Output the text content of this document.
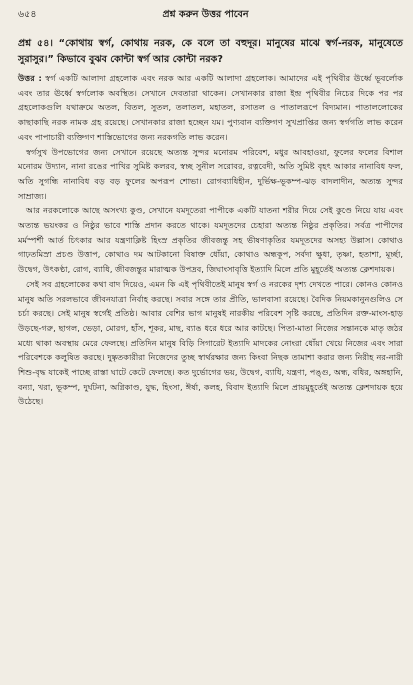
৬৫৪	প্রশ্ন করুন উত্তর পাবেন
প্রশ্ন ৫৪। “কোথায় স্বর্গ, কোথায় নরক, কে বলে তা বহুদূর। মানুষের মাঝে স্বর্গ-নরক, মানুষেতে সুরাসুর।” কিভাবে বুঝব কোন্টা স্বর্গ আর কোন্টা নরক?

উত্তর : স্বর্গ একটি আলাদা গ্রহলোক এবং নরক আর একটি আলাদা গ্রহলোক। আমাদের এই পৃথিবীর ঊর্ধ্বে ভূবর্লোক এবং তার ঊর্ধ্বে স্বর্গলোক অবস্থিত। সেখানে দেবতারা থাকেন। সেখানকার রাজা ইন্দ্র পৃথিবীর নিচের দিকে পর পর গ্রহলোকগুলি যথাক্রমে অতল, বিতল, সুতল, তলাতল, মহাতল, রসাতল ও পাতালরূপে বিদ্যমান। পাতাললোকের কাছাকাছি নরক নামক গ্রহ রয়েছে। সেখানকার রাজা হচ্ছেন যম। পুণ্যবান ব্যক্তিগণ সুখপ্রাপ্তির জন্য স্বর্গগতি লাভ করেন এবং পাপাচারী ব্যক্তিগণ শাস্তিভোগের জন্য নরকগতি লাভ করেন।

স্বর্গসুখ উপভোগের জন্য সেখানে রয়েছে অত্যন্ত সুন্দর মনোরম পরিবেশ, মধুর আবহাওয়া, ফুলের ফলের বিশাল মনোরম উদ্যান, নানা রঙের পাখির সুমিষ্ট কলরব, স্বচ্ছ সুনীল সরোবর, রত্নবেদী, অতি সুমিষ্ট বৃহৎ আকার নানাবিধ ফল, অতি সুগন্ধি নানাবিধ বড় বড় ফুলের অপরূপ শোভা। রোগব্যাধিহীন, দুর্ভিক্ষ-ভূকম্প-ঝড় বাদলাদীন, অত্যন্ত সুন্দর সাম্রাজ্য।

আর নরকলোকে আছে অসংখ্য কুণ্ড, সেখানে যমদূতেরা পাপীকে একটি যাতনা শরীর দিয়ে সেই কুণ্ডে নিয়ে যায় এবং অত্যন্ত ভয়ংকর ও নিষ্ঠুর ভাবে শাস্তি প্রদান করতে থাকে। যমদূতদের চেহারা অত্যন্ত নিষ্ঠুর প্রকৃতির। সর্বত্র পাপীদের মর্মস্পর্শী আর্ত চিৎকার আর যন্ত্রণাক্লিষ্ট হিংস্র প্রকৃতির জীবজন্তু সহ ভীষণাকৃতির যমদূতদের অসহ্য উল্লাস। কোথাও গাঢ়তমিস্রা প্রচণ্ড উত্তাপ, কোথাও দম আটকানো বিষাক্ত ধোঁয়া, কোথাও অন্ধকূপ, সর্বদা ক্ষুধা, তৃষ্ণা, হতাশা, মূর্চ্ছা, উদ্বেগ, উৎকণ্ঠা, রোগ, ব্যাধি, জীবজন্তুর মারাত্মক উপদ্রব, জিঘাংসাবৃত্তি ইত্যাদি মিলে প্রতি মুহূর্তেই অত্যন্ত ক্লেশদায়ক।

সেই সব গ্রহলোকের কথা বাদ দিয়েও, এমন কি এই পৃথিবীতেই মানুষ স্বর্গ ও নরকের দৃশ্য দেখতে পারে। কোনও কোনও মানুষ অতি সরলভাবে জীবনযাত্রা নির্বাহ করছে। সবার সঙ্গে তার প্রীতি, ভালবাসা রয়েছে। বৈদিক নিয়মকানুনগুলিও সে চর্চা করছে। সেই মানুষ স্বর্গেই প্রতিষ্ঠ। আবার বেশির ভাগ মানুষই নারকীয় পরিবেশ সৃষ্টি করছে, প্রতিদিন রক্ত-মাংস-হাড় উড়ছে-গরু, ছাগল, ভেড়া, মোরগ, হাঁস, শূকর, মাছ, ব্যাঙ ধরে ধরে আর কাটছে। পিতা-মাতা নিজের সন্তানকে মাতৃ জঠর মধ্যে থাকা অবস্থায় মেরে ফেলছে। প্রতিদিন মানুষ বিড়ি সিগারেট ইত্যাদি মাদকের নোংরা ধোঁয়া খেয়ে নিজের এবং সারা পরিবেশকে কলুষিত করছে। দুষ্কৃতকারীরা নিজেদের তুচ্ছ স্বার্থরক্ষার জন্য কিংবা নিছক তামাশা করার জন্য নিরীহ নর-নারী শিশু-বৃদ্ধ যাকেই পাচ্ছে রাস্তা ঘাটে কেটে ফেলছে। কত দুর্ভোগের ভয়, উদ্বেগ, ব্যাধি, যন্ত্রণা, পঙ্গু, অন্ধ, বধির, অঙ্গহানি, বন্যা, খরা, ভূকম্প, দুর্ঘটনা, অগ্নিকাণ্ড, যুদ্ধ, হিংসা, ঈর্ষা, কলহ, বিবাদ ইত্যাদি মিলে প্রায়মুহূর্তেই অত্যন্ত ক্লেশদায়ক হয়ে উঠেছে।
